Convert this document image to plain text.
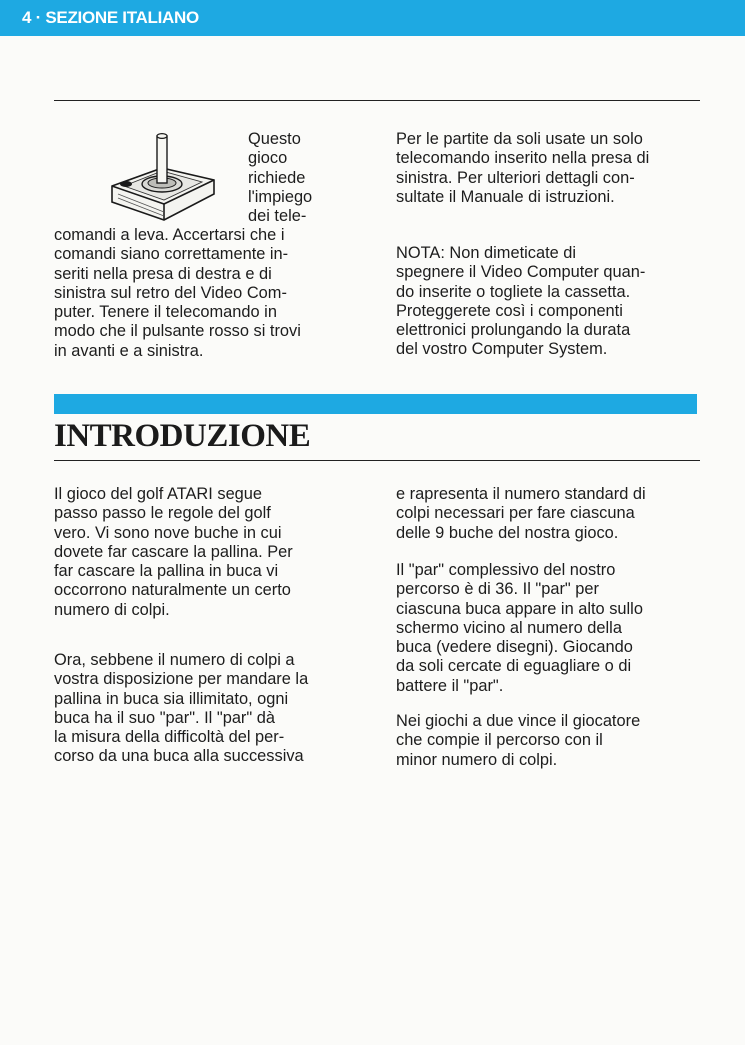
4 · SEZIONE ITALIANO
Questo
gioco
richiede
l'impiego
dei tele-
comandi a leva. Accertarsi che i
comandi siano correttamente in-
seriti nella presa di destra e di
sinistra sul retro del Video Com-
puter. Tenere il telecomando in
modo che il pulsante rosso si trovi
in avanti e a sinistra.
Per le partite da soli usate un solo
telecomando inserito nella presa di
sinistra. Per ulteriori dettagli con-
sultate il Manuale di istruzioni.
NOTA: Non dimeticate di
spegnere il Video Computer quan-
do inserite o togliete la cassetta.
Proteggerete così i componenti
elettronici prolungando la durata
del vostro Computer System.
INTRODUZIONE
Il gioco del golf ATARI segue
passo passo le regole del golf
vero. Vi sono nove buche in cui
dovete far cascare la pallina. Per
far cascare la pallina in buca vi
occorrono naturalmente un certo
numero di colpi.
Ora, sebbene il numero di colpi a
vostra disposizione per mandare la
pallina in buca sia illimitato, ogni
buca ha il suo "par". Il "par" dà
la misura della difficoltà del per-
corso da una buca alla successiva
e rapresenta il numero standard di
colpi necessari per fare ciascuna
delle 9 buche del nostra gioco.
Il "par" complessivo del nostro
percorso è di 36. Il "par" per
ciascuna buca appare in alto sullo
schermo vicino al numero della
buca (vedere disegni). Giocando
da soli cercate di eguagliare o di
battere il "par".
Nei giochi a due vince il giocatore
che compie il percorso con il
minor numero di colpi.
